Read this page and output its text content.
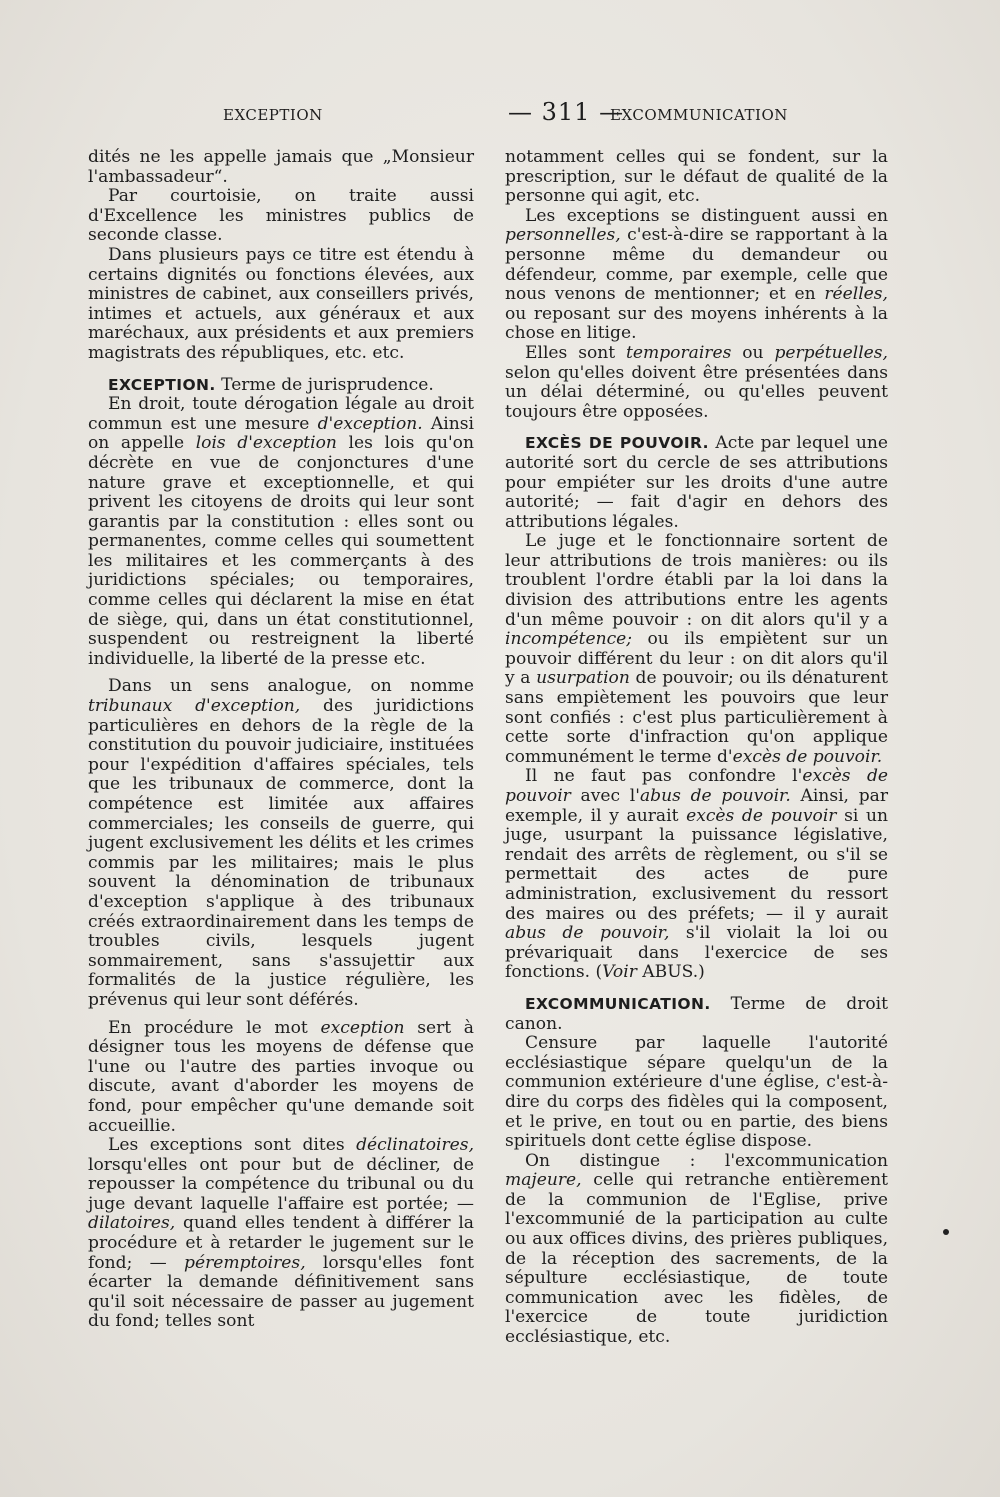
EXCEPTION	— 311 —
EXCOMMUNICATION

dités ne les appelle jamais que „Monsieur l'ambassadeur“.

Par courtoisie, on traite aussi d'Excellence les ministres publics de seconde classe.

Dans plusieurs pays ce titre est étendu à certains dignités ou fonctions élevées, aux ministres de cabinet, aux conseillers privés, intimes et actuels, aux généraux et aux maréchaux, aux présidents et aux premiers magistrats des républiques, etc. etc.

EXCEPTION. Terme de jurisprudence.

En droit, toute dérogation légale au droit commun est une mesure d'exception. Ainsi on appelle lois d'exception les lois qu'on décrète en vue de conjonctures d'une nature grave et exceptionnelle, et qui privent les citoyens de droits qui leur sont garantis par la constitution : elles sont ou permanentes, comme celles qui soumettent les militaires et les commerçants à des juridictions spéciales; ou temporaires, comme celles qui déclarent la mise en état de siège, qui, dans un état constitutionnel, suspendent ou restreignent la liberté individuelle, la liberté de la presse etc.

Dans un sens analogue, on nomme tribunaux d'exception, des juridictions particulières en dehors de la règle de la constitution du pouvoir judiciaire, instituées pour l'expédition d'affaires spéciales, tels que les tribunaux de commerce, dont la compétence est limitée aux affaires commerciales; les conseils de guerre, qui jugent exclusivement les délits et les crimes commis par les militaires; mais le plus souvent la dénomination de tribunaux d'exception s'applique à des tribunaux créés extraordinairement dans les temps de troubles civils, lesquels jugent sommairement, sans s'assujettir aux formalités de la justice régulière, les prévenus qui leur sont déférés.

En procédure le mot exception sert à désigner tous les moyens de défense que l'une ou l'autre des parties invoque ou discute, avant d'aborder les moyens de fond, pour empêcher qu'une demande soit accueillie.

Les exceptions sont dites déclinatoires, lorsqu'elles ont pour but de décliner, de repousser la compétence du tribunal ou du juge devant laquelle l'affaire est portée; — dilatoires, quand elles tendent à différer la procédure et à retarder le jugement sur le fond; — péremptoires, lorsqu'elles font écarter la demande définitivement sans qu'il soit nécessaire de passer au jugement du fond; telles sont

notamment celles qui se fondent, sur la prescription, sur le défaut de qualité de la personne qui agit, etc.

Les exceptions se distinguent aussi en personnelles, c'est-à-dire se rapportant à la personne même du demandeur ou défendeur, comme, par exemple, celle que nous venons de mentionner; et en réelles, ou reposant sur des moyens inhérents à la chose en litige.

Elles sont temporaires ou perpétuelles, selon qu'elles doivent être présentées dans un délai déterminé, ou qu'elles peuvent toujours être opposées.

EXCÈS DE POUVOIR. Acte par lequel une autorité sort du cercle de ses attributions pour empiéter sur les droits d'une autre autorité; — fait d'agir en dehors des attributions légales.

Le juge et le fonctionnaire sortent de leur attributions de trois manières: ou ils troublent l'ordre établi par la loi dans la division des attributions entre les agents d'un même pouvoir : on dit alors qu'il y a incompétence; ou ils empiètent sur un pouvoir différent du leur : on dit alors qu'il y a usurpation de pouvoir; ou ils dénaturent sans empiètement les pouvoirs que leur sont confiés : c'est plus particulièrement à cette sorte d'infraction qu'on applique communément le terme d'excès de pouvoir.

Il ne faut pas confondre l'excès de pouvoir avec l'abus de pouvoir. Ainsi, par exemple, il y aurait excès de pouvoir si un juge, usurpant la puissance législative, rendait des arrêts de règlement, ou s'il se permettait des actes de pure administration, exclusivement du ressort des maires ou des préfets; — il y aurait abus de pouvoir, s'il violait la loi ou prévariquait dans l'exercice de ses fonctions. (Voir ABUS.)

EXCOMMUNICATION. Terme de droit canon.

Censure par laquelle l'autorité ecclésiastique sépare quelqu'un de la communion extérieure d'une église, c'est-à-dire du corps des fidèles qui la composent, et le prive, en tout ou en partie, des biens spirituels dont cette église dispose.

On distingue : l'excommunication majeure, celle qui retranche entièrement de la communion de l'Eglise, prive l'excommunié de la participation au culte ou aux offices divins, des prières publiques, de la réception des sacrements, de la sépulture ecclésiastique, de toute communication avec les fidèles, de l'exercice de toute juridiction ecclésiastique, etc.
